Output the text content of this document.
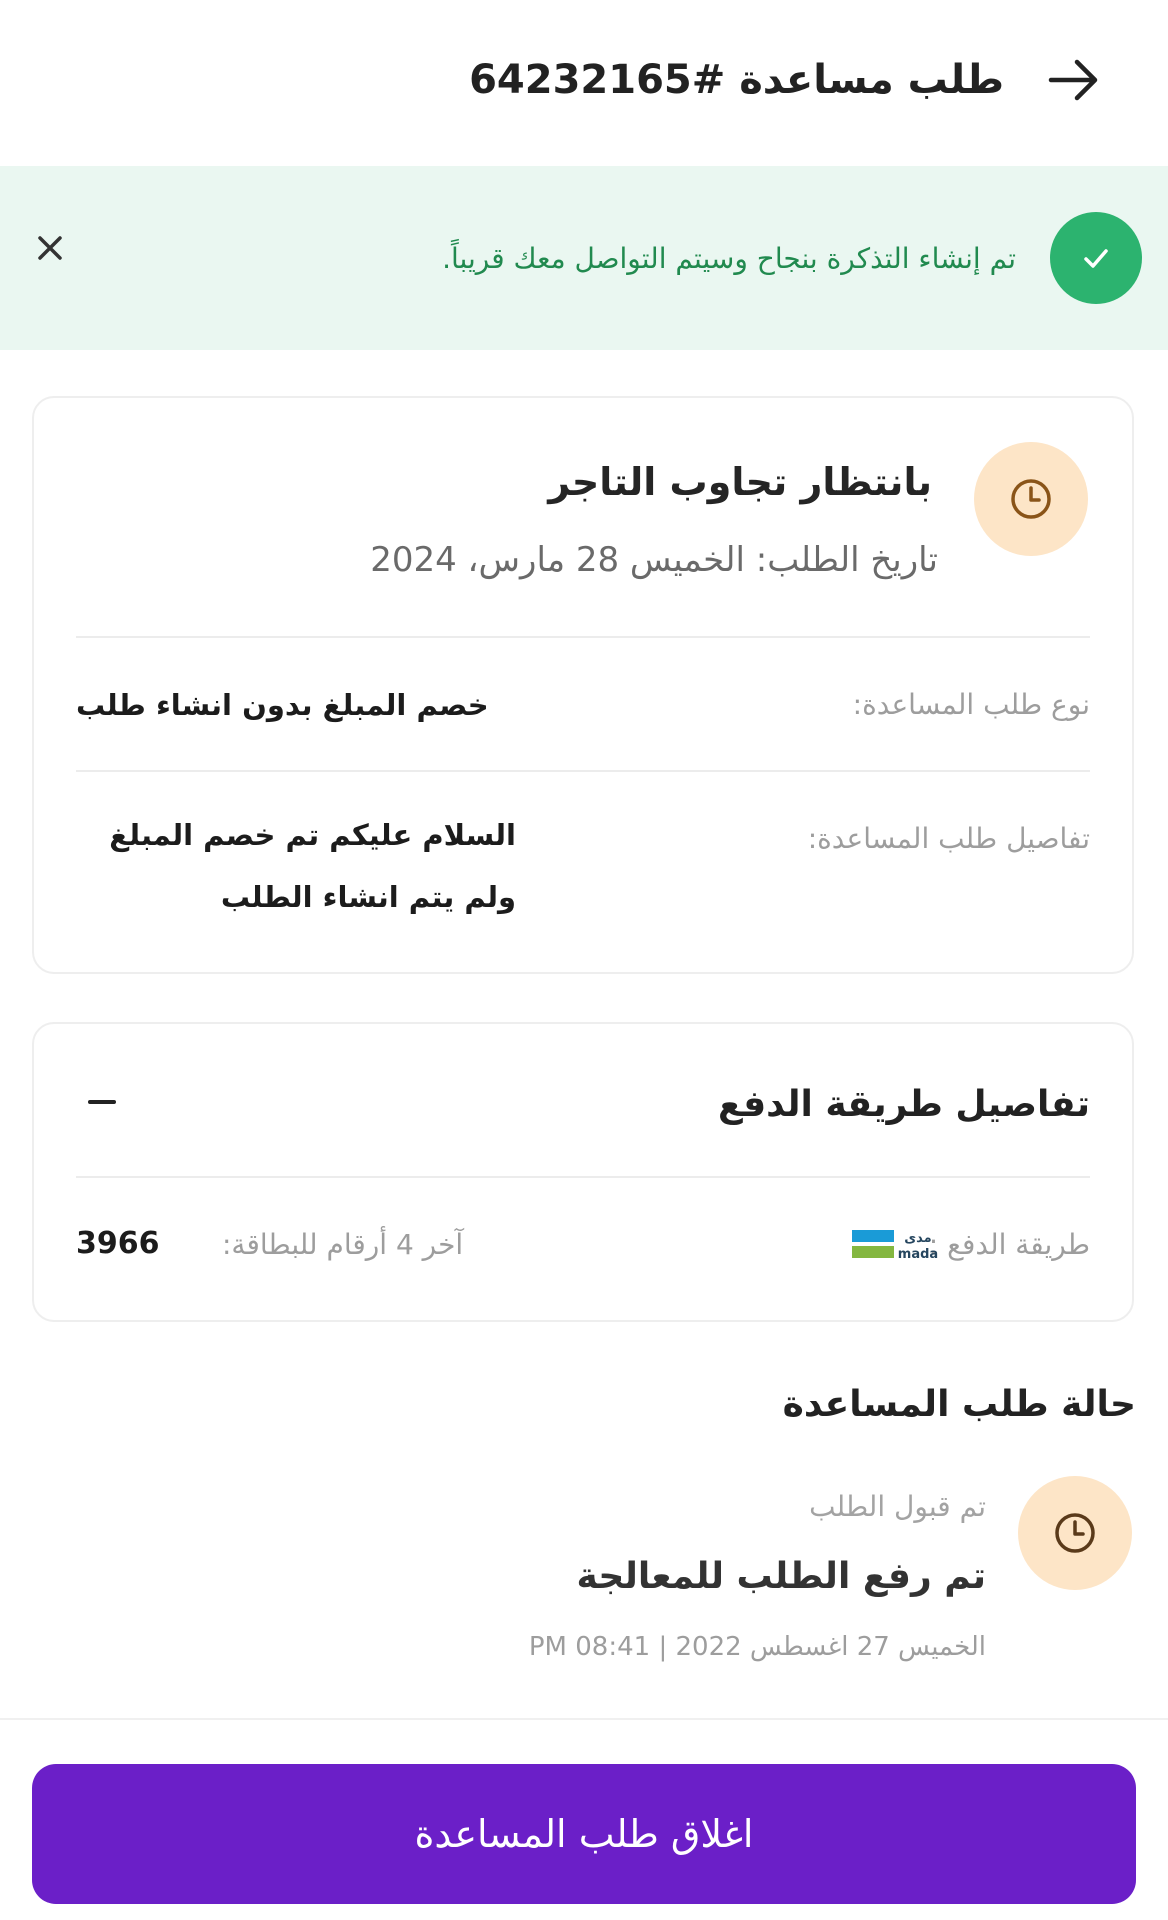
طلب مساعدة #64232165
تم إنشاء التذكرة بنجاح وسيتم التواصل معك قريباً.
بانتظار تجاوب التاجر
تاريخ الطلب: الخميس 28 مارس، 2024
نوع طلب المساعدة:
خصم المبلغ بدون انشاء طلب
تفاصيل طلب المساعدة:
السلام عليكم تم خصم المبلغ
ولم يتم انشاء الطلب
تفاصيل طريقة الدفع
طريقة الدفع :
مدى
mada
آخر 4 أرقام للبطاقة:
3966
حالة طلب المساعدة
تم قبول الطلب
تم رفع الطلب للمعالجة
الخميس 27 اغسطس 2022 | PM 08:41
اغلاق طلب المساعدة
